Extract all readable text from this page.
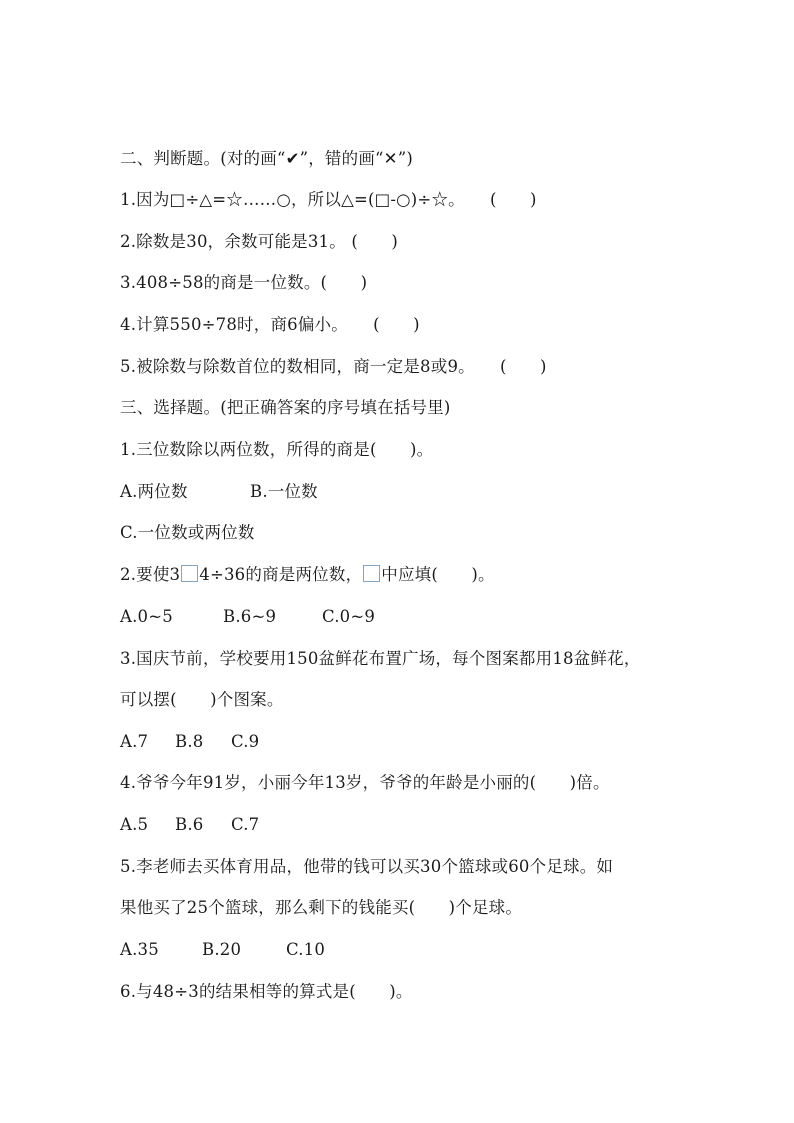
二、判断题。(对的画“✔”，错的画“✕”)
1.因为□÷△=☆……○，所以△=(□-○)÷☆。　　(　　)
2.除数是30，余数可能是31。 (　　)
3.408÷58的商是一位数。(　　)
4.计算550÷78时，商6偏小。　　(　　)
5.被除数与除数首位的数相同，商一定是8或9。　　(　　)
三、选择题。(把正确答案的序号填在括号里)
1.三位数除以两位数，所得的商是(　　)。
A.两位数	B.一位数
C.一位数或两位数
2.要使3 4÷36的商是两位数， 中应填(　　)。
A.0~5	B.6~9	C.0~9
3.国庆节前，学校要用150盆鲜花布置广场，每个图案都用18盆鲜花，
可以摆(　　)个图案。
A.7 B.8 C.9
4.爷爷今年91岁，小丽今年13岁，爷爷的年龄是小丽的(　　)倍。
A.5 B.6 C.7
5.李老师去买体育用品，他带的钱可以买30个篮球或60个足球。如
果他买了25个篮球，那么剩下的钱能买(　　)个足球。
A.35	B.20	C.10
6.与48÷3的结果相等的算式是(　　)。
